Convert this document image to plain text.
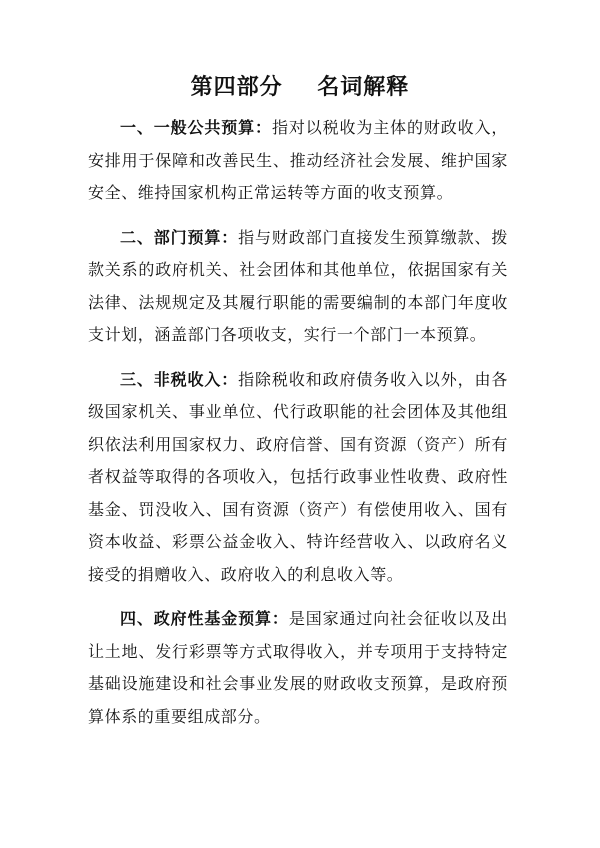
第四部分    名词解释

一、一般公共预算：指对以税收为主体的财政收入，安排用于保障和改善民生、推动经济社会发展、维护国家安全、维持国家机构正常运转等方面的收支预算。

二、部门预算：指与财政部门直接发生预算缴款、拨款关系的政府机关、社会团体和其他单位，依据国家有关法律、法规规定及其履行职能的需要编制的本部门年度收支计划，涵盖部门各项收支，实行一个部门一本预算。

三、非税收入：指除税收和政府债务收入以外，由各级国家机关、事业单位、代行政职能的社会团体及其他组织依法利用国家权力、政府信誉、国有资源（资产）所有者权益等取得的各项收入，包括行政事业性收费、政府性基金、罚没收入、国有资源（资产）有偿使用收入、国有资本收益、彩票公益金收入、特许经营收入、以政府名义接受的捐赠收入、政府收入的利息收入等。

四、政府性基金预算：是国家通过向社会征收以及出让土地、发行彩票等方式取得收入，并专项用于支持特定基础设施建设和社会事业发展的财政收支预算，是政府预算体系的重要组成部分。
